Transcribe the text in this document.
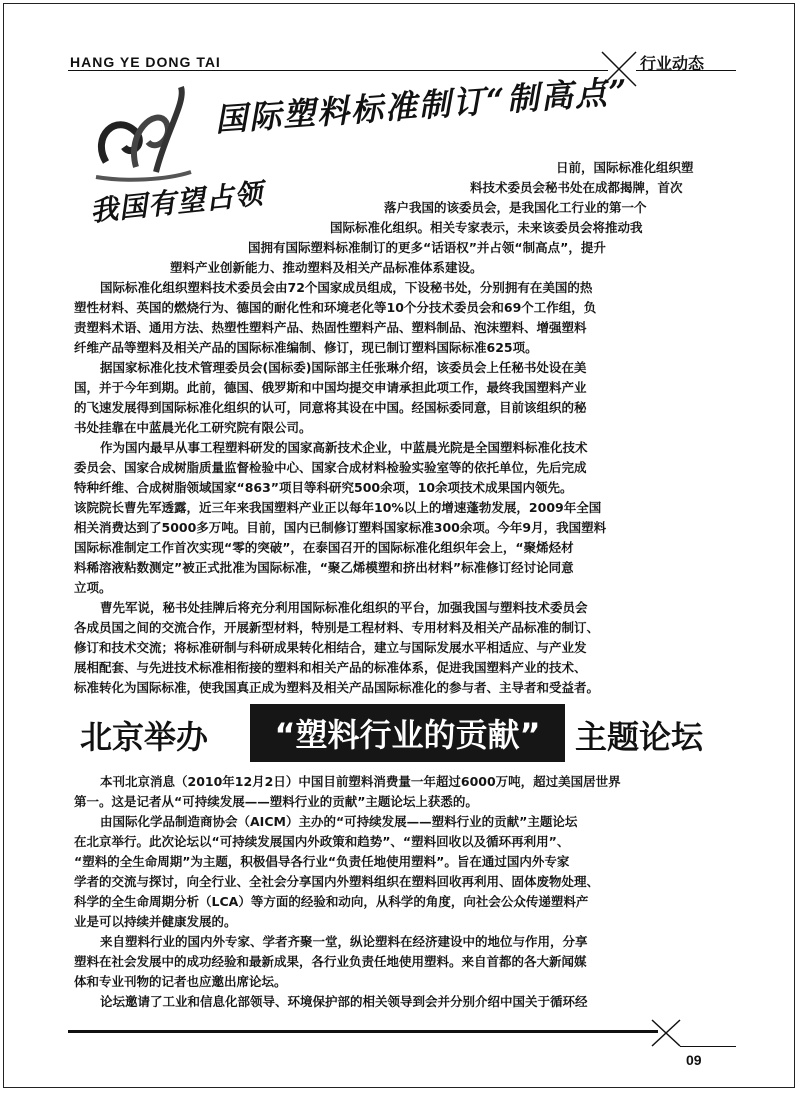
HANG YE DONG TAI	行业动态
国际塑料标准制订“制高点”
我国有望占领
日前，国际标准化组织塑
料技术委员会秘书处在成都揭牌，首次
落户我国的该委员会，是我国化工行业的第一个
国际标准化组织。相关专家表示，未来该委员会将推动我
国拥有国际塑料标准制订的更多“话语权”并占领“制高点”，提升
塑料产业创新能力、推动塑料及相关产品标准体系建设。
国际标准化组织塑料技术委员会由72个国家成员组成，下设秘书处，分别拥有在美国的热
塑性材料、英国的燃烧行为、德国的耐化性和环境老化等10个分技术委员会和69个工作组，负
责塑料术语、通用方法、热塑性塑料产品、热固性塑料产品、塑料制品、泡沫塑料、增强塑料
纤维产品等塑料及相关产品的国际标准编制、修订，现已制订塑料国际标准625项。
据国家标准化技术管理委员会(国标委)国际部主任张琳介绍，该委员会上任秘书处设在美
国，并于今年到期。此前，德国、俄罗斯和中国均提交申请承担此项工作，最终我国塑料产业
的飞速发展得到国际标准化组织的认可，同意将其设在中国。经国标委同意，目前该组织的秘
书处挂靠在中蓝晨光化工研究院有限公司。
作为国内最早从事工程塑料研发的国家高新技术企业，中蓝晨光院是全国塑料标准化技术
委员会、国家合成树脂质量监督检验中心、国家合成材料检验实验室等的依托单位，先后完成
特种纤维、合成树脂领域国家“863”项目等科研究500余项，10余项技术成果国内领先。
该院院长曹先军透露，近三年来我国塑料产业正以每年10%以上的增速蓬勃发展，2009年全国
相关消费达到了5000多万吨。目前，国内已制修订塑料国家标准300余项。今年9月，我国塑料
国际标准制定工作首次实现“零的突破”，在泰国召开的国际标准化组织年会上，“聚烯烃材
料稀溶液粘数测定”被正式批准为国际标准，“聚乙烯模塑和挤出材料”标准修订经讨论同意
立项。
曹先军说，秘书处挂牌后将充分利用国际标准化组织的平台，加强我国与塑料技术委员会
各成员国之间的交流合作，开展新型材料，特别是工程材料、专用材料及相关产品标准的制订、
修订和技术交流；将标准研制与科研成果转化相结合，建立与国际发展水平相适应、与产业发
展相配套、与先进技术标准相衔接的塑料和相关产品的标准体系，促进我国塑料产业的技术、
标准转化为国际标准，使我国真正成为塑料及相关产品国际标准化的参与者、主导者和受益者。
北京举办	“塑料行业的贡献”	主题论坛
本刊北京消息（2010年12月2日）中国目前塑料消费量一年超过6000万吨，超过美国居世界
第一。这是记者从“可持续发展——塑料行业的贡献”主题论坛上获悉的。
由国际化学品制造商协会（AICM）主办的“可持续发展——塑料行业的贡献”主题论坛
在北京举行。此次论坛以“可持续发展国内外政策和趋势”、“塑料回收以及循环再利用”、
“塑料的全生命周期”为主题，积极倡导各行业“负责任地使用塑料”。旨在通过国内外专家
学者的交流与探讨，向全行业、全社会分享国内外塑料组织在塑料回收再利用、固体废物处理、
科学的全生命周期分析（LCA）等方面的经验和动向，从科学的角度，向社会公众传递塑料产
业是可以持续并健康发展的。
来自塑料行业的国内外专家、学者齐聚一堂，纵论塑料在经济建设中的地位与作用，分享
塑料在社会发展中的成功经验和最新成果，各行业负责任地使用塑料。来自首都的各大新闻媒
体和专业刊物的记者也应邀出席论坛。
论坛邀请了工业和信息化部领导、环境保护部的相关领导到会并分别介绍中国关于循环经
09
